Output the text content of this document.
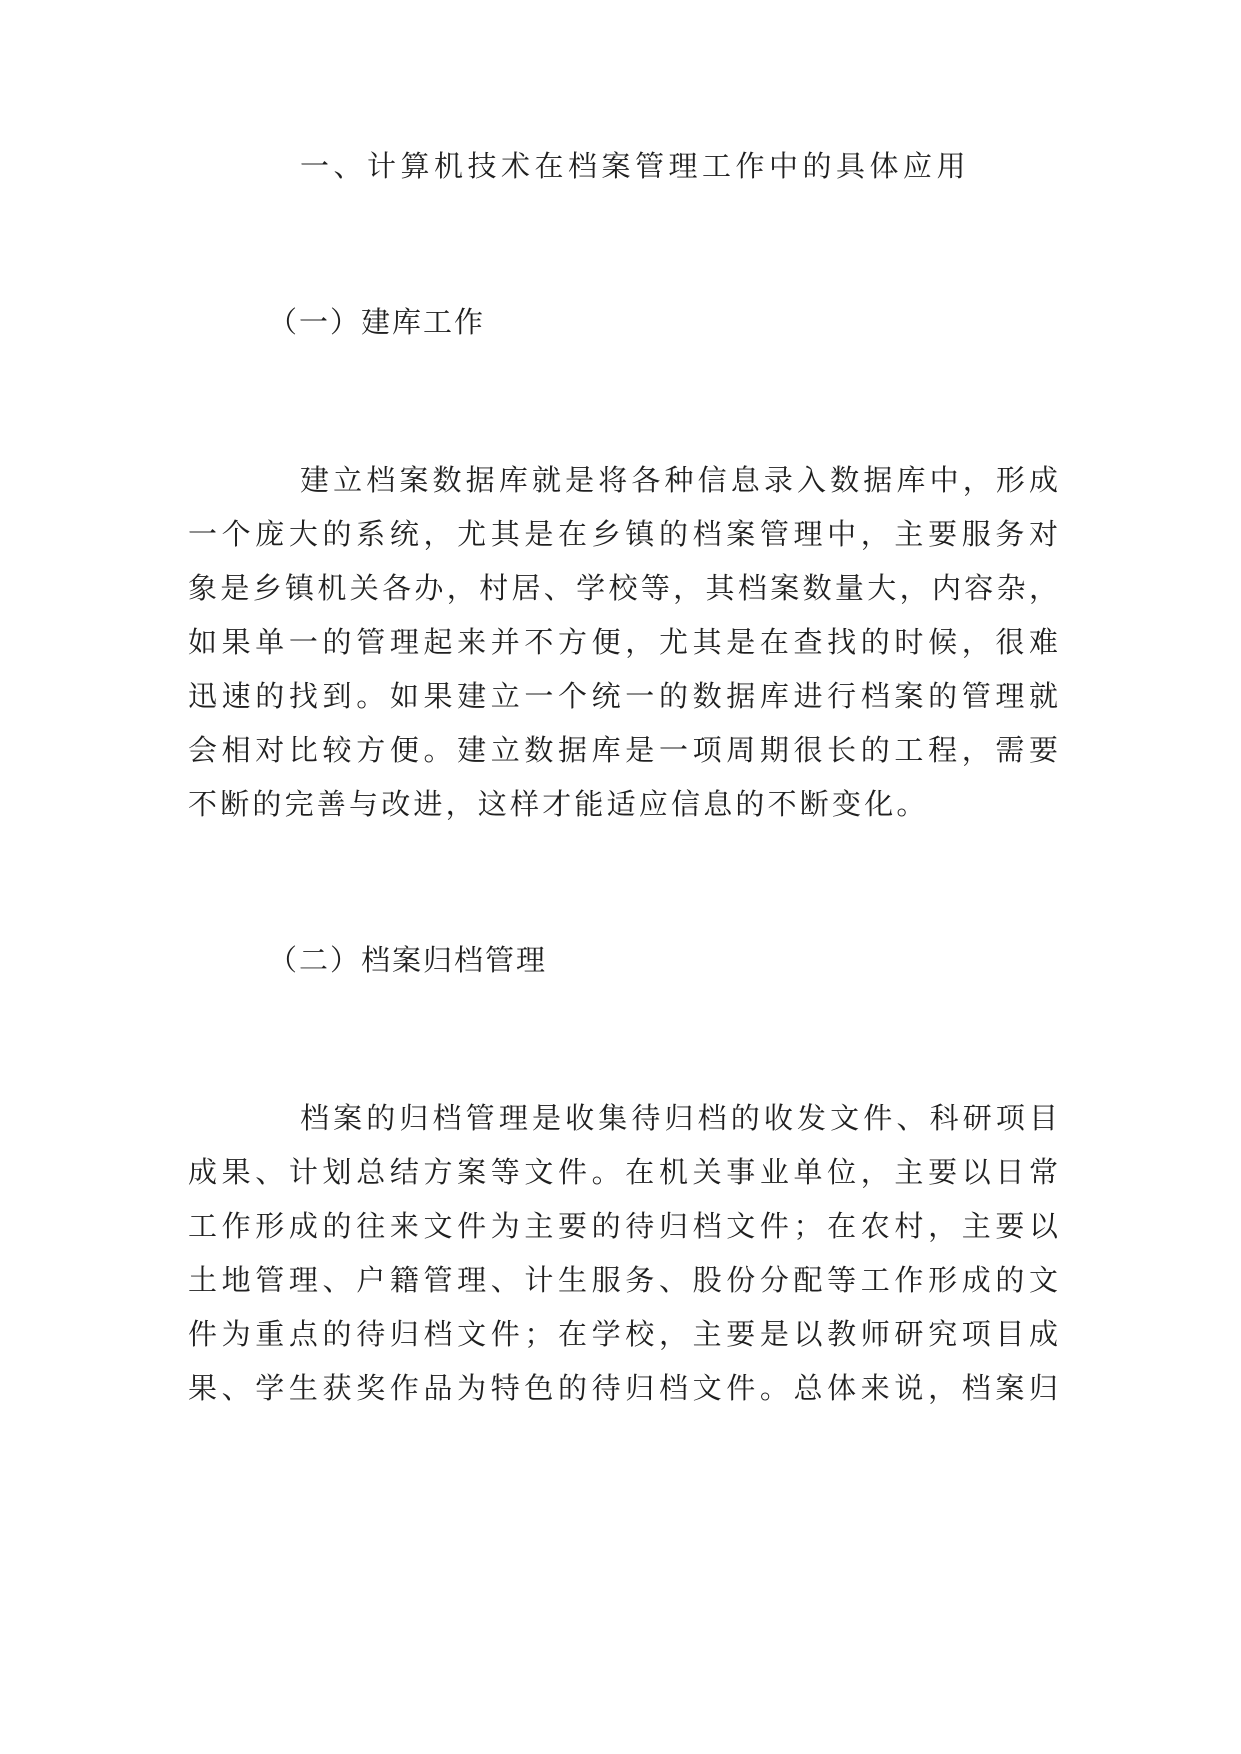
一、计算机技术在档案管理工作中的具体应用
（一）建库工作
建立档案数据库就是将各种信息录入数据库中，形成
一个庞大的系统，尤其是在乡镇的档案管理中，主要服务对
象是乡镇机关各办，村居、学校等，其档案数量大，内容杂，
如果单一的管理起来并不方便，尤其是在查找的时候，很难
迅速的找到。如果建立一个统一的数据库进行档案的管理就
会相对比较方便。建立数据库是一项周期很长的工程，需要
不断的完善与改进，这样才能适应信息的不断变化。
（二）档案归档管理
档案的归档管理是收集待归档的收发文件、科研项目
成果、计划总结方案等文件。在机关事业单位，主要以日常
工作形成的往来文件为主要的待归档文件；在农村，主要以
土地管理、户籍管理、计生服务、股份分配等工作形成的文
件为重点的待归档文件；在学校，主要是以教师研究项目成
果、学生获奖作品为特色的待归档文件。总体来说，档案归
